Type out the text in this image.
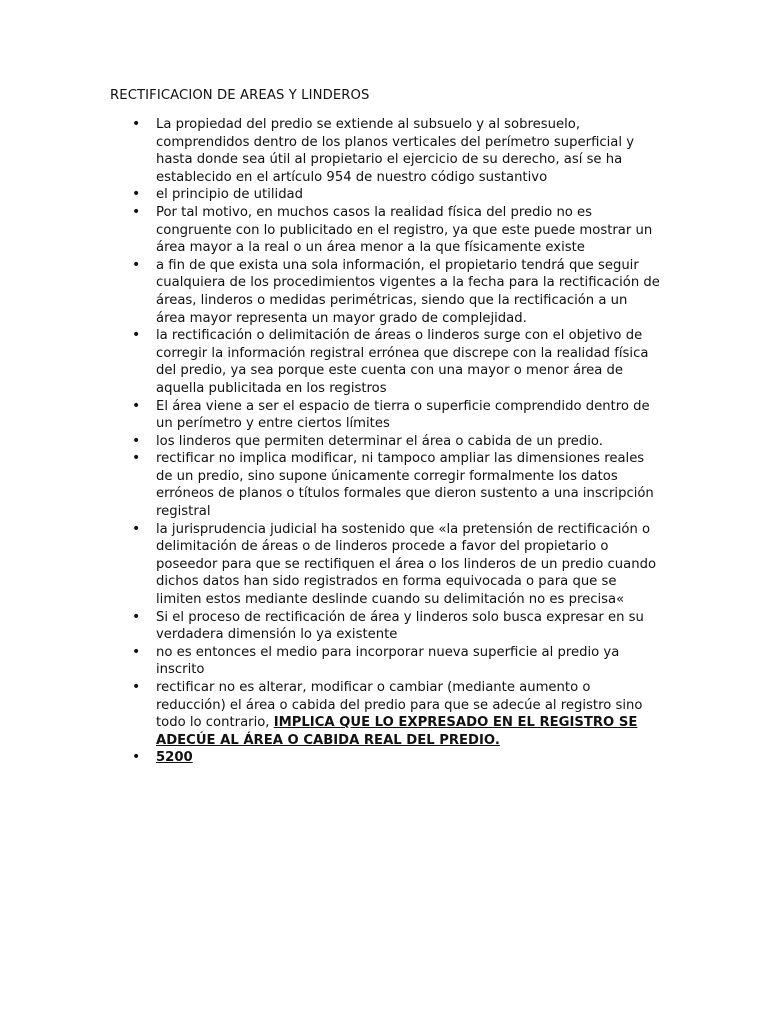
RECTIFICACION DE AREAS Y LINDEROS
• La propiedad del predio se extiende al subsuelo y al sobresuelo, comprendidos dentro de los planos verticales del perímetro superficial y hasta donde sea útil al propietario el ejercicio de su derecho, así se ha establecido en el artículo 954 de nuestro código sustantivo
• el principio de utilidad
• Por tal motivo, en muchos casos la realidad física del predio no es congruente con lo publicitado en el registro, ya que este puede mostrar un área mayor a la real o un área menor a la que físicamente existe
• a fin de que exista una sola información, el propietario tendrá que seguir cualquiera de los procedimientos vigentes a la fecha para la rectificación de áreas, linderos o medidas perimétricas, siendo que la rectificación a un área mayor representa un mayor grado de complejidad.
• la rectificación o delimitación de áreas o linderos surge con el objetivo de corregir la información registral errónea que discrepe con la realidad física del predio, ya sea porque este cuenta con una mayor o menor área de aquella publicitada en los registros
• El área viene a ser el espacio de tierra o superficie comprendido dentro de un perímetro y entre ciertos límites
• los linderos que permiten determinar el área o cabida de un predio.
• rectificar no implica modificar, ni tampoco ampliar las dimensiones reales de un predio, sino supone únicamente corregir formalmente los datos erróneos de planos o títulos formales que dieron sustento a una inscripción registral
• la jurisprudencia judicial ha sostenido que «la pretensión de rectificación o delimitación de áreas o de linderos procede a favor del propietario o poseedor para que se rectifiquen el área o los linderos de un predio cuando dichos datos han sido registrados en forma equivocada o para que se limiten estos mediante deslinde cuando su delimitación no es precisa«
• Si el proceso de rectificación de área y linderos solo busca expresar en su verdadera dimensión lo ya existente
• no es entonces el medio para incorporar nueva superficie al predio ya inscrito
• rectificar no es alterar, modificar o cambiar (mediante aumento o reducción) el área o cabida del predio para que se adecúe al registro sino todo lo contrario, IMPLICA QUE LO EXPRESADO EN EL REGISTRO SE ADECÚE AL ÁREA O CABIDA REAL DEL PREDIO.
• 5200
